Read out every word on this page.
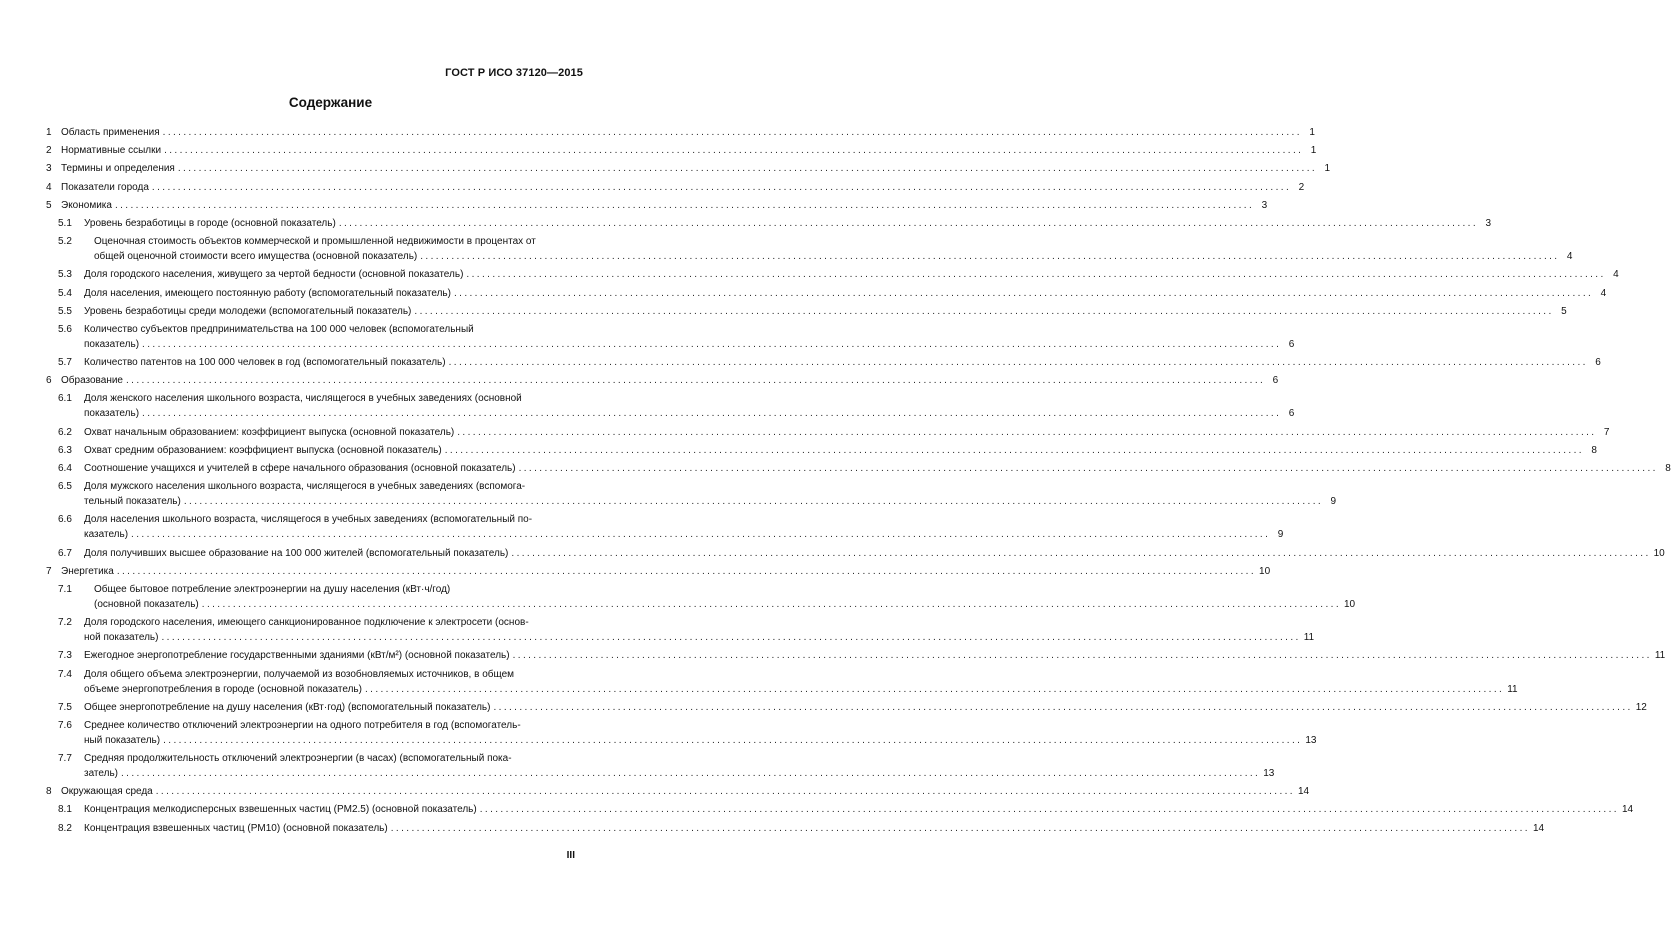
ГОСТ Р ИСО 37120—2015
Содержание
1 Область применения ............................................................................................................................................................................................................................ 1
2 Нормативные ссылки ............................................................................................................................................................................................................................ 1
3 Термины и определения ............................................................................................................................................................................................................................ 1
4 Показатели города ............................................................................................................................................................................................................................ 2
5 Экономика ............................................................................................................................................................................................................................ 3
5.1 Уровень безработицы в городе (основной показатель) ............................................................................................................................................................................................................................ 3
5.2 Оценочная стоимость объектов коммерческой и промышленной недвижимости в процентах от
общей оценочной стоимости всего имущества (основной показатель) ............................................................................................................................................................................................................................ 4
5.3 Доля городского населения, живущего за чертой бедности (основной показатель) ............................................................................................................................................................................................................................ 4
5.4 Доля населения, имеющего постоянную работу (вспомогательный показатель) ............................................................................................................................................................................................................................ 4
5.5 Уровень безработицы среди молодежи (вспомогательный показатель) ............................................................................................................................................................................................................................ 5
5.6 Количество субъектов предпринимательства на 100 000 человек (вспомогательный
показатель) ............................................................................................................................................................................................................................ 6
5.7 Количество патентов на 100 000 человек в год (вспомогательный показатель) ............................................................................................................................................................................................................................ 6
6 Образование ............................................................................................................................................................................................................................ 6
6.1 Доля женского населения школьного возраста, числящегося в учебных заведениях (основной
показатель) ............................................................................................................................................................................................................................ 6
6.2 Охват начальным образованием: коэффициент выпуска (основной показатель) ............................................................................................................................................................................................................................ 7
6.3 Охват средним образованием: коэффициент выпуска (основной показатель) ............................................................................................................................................................................................................................ 8
6.4 Соотношение учащихся и учителей в сфере начального образования (основной показатель) ............................................................................................................................................................................................................................ 8
6.5 Доля мужского населения школьного возраста, числящегося в учебных заведениях (вспомога-
тельный показатель) ............................................................................................................................................................................................................................ 9
6.6 Доля населения школьного возраста, числящегося в учебных заведениях (вспомогательный по-
казатель) ............................................................................................................................................................................................................................ 9
6.7 Доля получивших высшее образование на 100 000 жителей (вспомогательный показатель) ............................................................................................................................................................................................................................ 10
7 Энергетика ............................................................................................................................................................................................................................ 10
7.1 Общее бытовое потребление электроэнергии на душу населения (кВт·ч/год)
(основной показатель) ............................................................................................................................................................................................................................ 10
7.2 Доля городского населения, имеющего санкционированное подключение к электросети (основ-
ной показатель) ............................................................................................................................................................................................................................ 11
7.3 Ежегодное энергопотребление государственными зданиями (кВт/м²) (основной показатель) ............................................................................................................................................................................................................................ 11
7.4 Доля общего объема электроэнергии, получаемой из возобновляемых источников, в общем
объеме энергопотребления в городе (основной показатель) ............................................................................................................................................................................................................................ 11
7.5 Общее энергопотребление на душу населения (кВт·год) (вспомогательный показатель) ............................................................................................................................................................................................................................ 12
7.6 Среднее количество отключений электроэнергии на одного потребителя в год (вспомогатель-
ный показатель) ............................................................................................................................................................................................................................ 13
7.7 Средняя продолжительность отключений электроэнергии (в часах) (вспомогательный пока-
затель) ............................................................................................................................................................................................................................ 13
8 Окружающая среда ............................................................................................................................................................................................................................ 14
8.1 Концентрация мелкодисперсных взвешенных частиц (PM2.5) (основной показатель) ............................................................................................................................................................................................................................ 14
8.2 Концентрация взвешенных частиц (PM10) (основной показатель) ............................................................................................................................................................................................................................ 14
III
